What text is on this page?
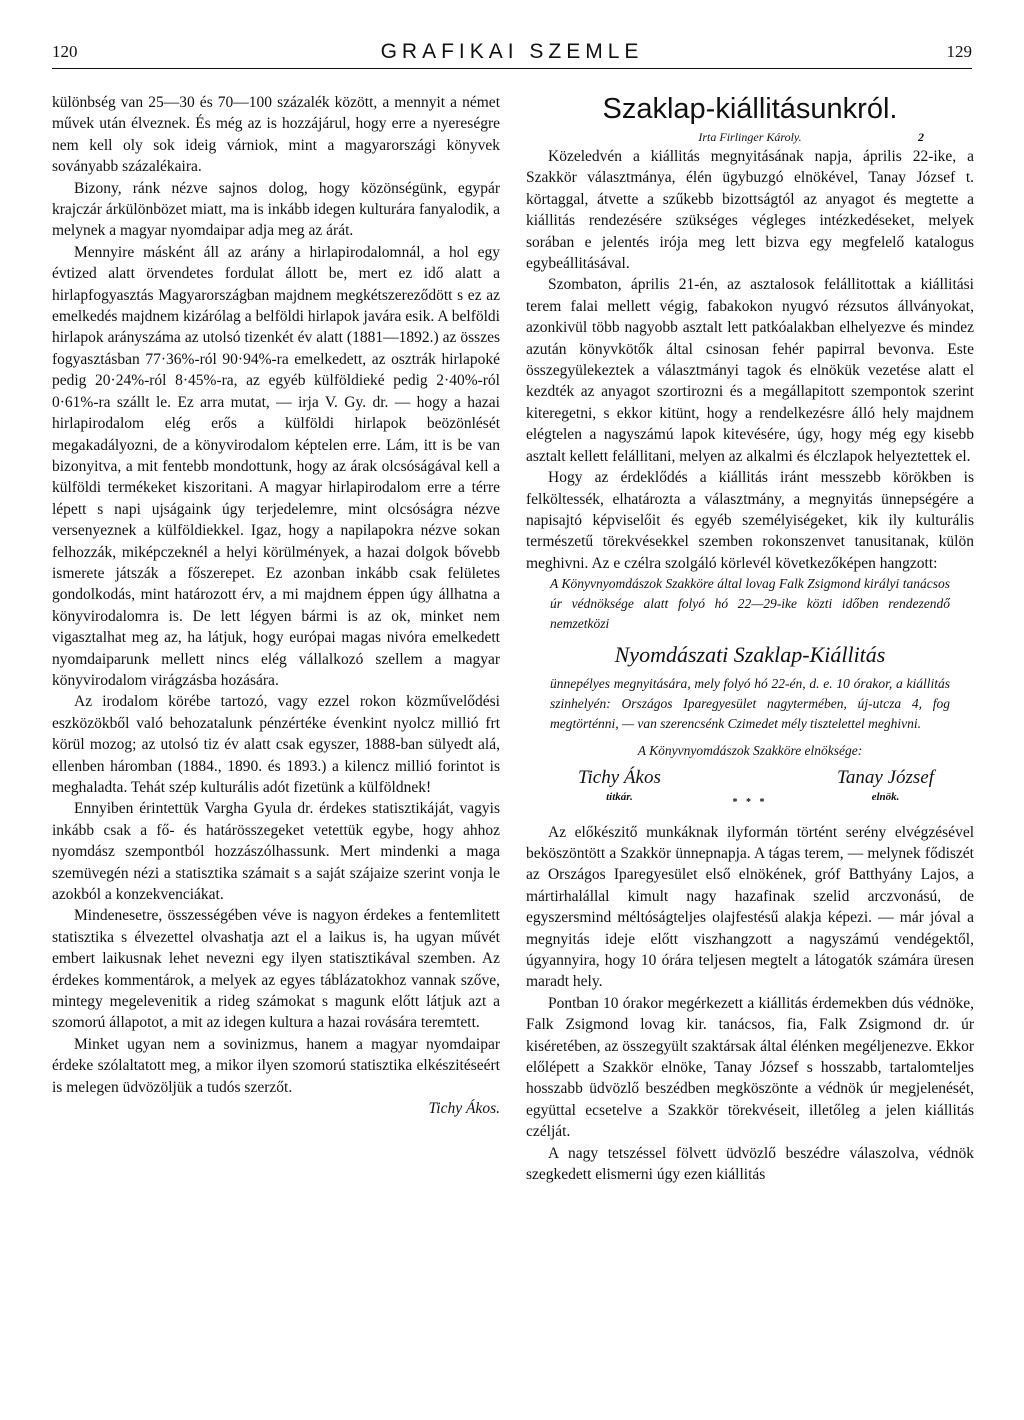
120	GRAFIKAI SZEMLE	129

különbség van 25—30 és 70—100 százalék között, a mennyit a német művek után élveznek. És még az is hozzájárul, hogy erre a nyereségre nem kell oly sok ideig várniok, mint a magyarországi könyvek soványabb százalékaira.

Bizony, ránk nézve sajnos dolog, hogy közönségünk, egypár krajczár árkülönbözet miatt, ma is inkább idegen kulturára fanyalodik, a melynek a magyar nyomdaipar adja meg az árát.

Mennyire másként áll az arány a hirlapirodalomnál, a hol egy évtized alatt örvendetes fordulat állott be, mert ez idő alatt a hirlapfogyasztás Magyarországban majdnem megkétszereződött s ez az emelkedés majdnem kizárólag a belföldi hirlapok javára esik. A belföldi hirlapok arányszáma az utolsó tizenkét év alatt (1881—1892.) az összes fogyasztásban 77·36%-ról 90·94%-ra emelkedett, az osztrák hirlapoké pedig 20·24%-ról 8·45%-ra, az egyéb külföldieké pedig 2·40%-ról 0·61%-ra szállt le. Ez arra mutat, — irja V. Gy. dr. — hogy a hazai hirlapirodalom elég erős a külföldi hirlapok beözönlését megakadályozni, de a könyvirodalom képtelen erre. Lám, itt is be van bizonyitva, a mit fentebb mondottunk, hogy az árak olcsóságával kell a külföldi termékeket kiszoritani. A magyar hirlapirodalom erre a térre lépett s napi ujságaink úgy terjedelemre, mint olcsóságra nézve versenyeznek a külföldiekkel. Igaz, hogy a napilapokra nézve sokan felhozzák, miképczeknél a helyi körülmények, a hazai dolgok bővebb ismerete játszák a főszerepet. Ez azonban inkább csak felületes gondolkodás, mint határozott érv, a mi majdnem éppen úgy állhatna a könyvirodalomra is. De lett légyen bármi is az ok, minket nem vigasztalhat meg az, ha látjuk, hogy európai magas nivóra emelkedett nyomdaiparunk mellett nincs elég vállalkozó szellem a magyar könyvirodalom virágzásba hozására.

Az irodalom körébe tartozó, vagy ezzel rokon közművelődési eszközökből való behozatalunk pénzértéke évenkint nyolcz millió frt körül mozog; az utolsó tiz év alatt csak egyszer, 1888-ban sülyedt alá, ellenben háromban (1884., 1890. és 1893.) a kilencz millió forintot is meghaladta. Tehát szép kulturális adót fizetünk a külföldnek!

Ennyiben érintettük Vargha Gyula dr. érdekes statisztikáját, vagyis inkább csak a fő- és határösszegeket vetettük egybe, hogy ahhoz nyomdász szempontból hozzászólhassunk. Mert mindenki a maga szemüvegén nézi a statisztika számait s a saját szájaize szerint vonja le azokból a konzekvenciákat.

Mindenesetre, összességében véve is nagyon érdekes a fentemlitett statisztika s élvezettel olvashatja azt el a laikus is, ha ugyan művét embert laikusnak lehet nevezni egy ilyen statisztikával szemben. Az érdekes kommentárok, a melyek az egyes táblázatokhoz vannak szőve, mintegy megelevenitik a rideg számokat s magunk előtt látjuk azt a szomorú állapotot, a mit az idegen kultura a hazai rovására teremtett.

Minket ugyan nem a sovinizmus, hanem a magyar nyomdaipar érdeke szólaltatott meg, a mikor ilyen szomorú statisztika elkészitéseért is melegen üdvözöljük a tudós szerzőt.

Tichy Ákos.

Szaklap-kiállitásunkról.
Irta Firlinger Károly.	2

Közeledvén a kiállitás megnyitásának napja, április 22-ike, a Szakkör választmánya, élén ügybuzgó elnökével, Tanay József t. körtaggal, átvette a szűkebb bizottságtól az anyagot és megtette a kiállitás rendezésére szükséges végleges intézkedéseket, melyek sorában e jelentés irója meg lett bizva egy megfelelő katalogus egybeállitásával.

Szombaton, április 21-én, az asztalosok felállitottak a kiállitási terem falai mellett végig, fabakokon nyugvó rézsutos állványokat, azonkivül több nagyobb asztalt lett patkóalakban elhelyezve és mindez azután könyvkötők által csinosan fehér papirral bevonva. Este összegyülekeztek a választmányi tagok és elnökük vezetése alatt el kezdték az anyagot szortirozni és a megállapitott szempontok szerint kiteregetni, s ekkor kitünt, hogy a rendelkezésre álló hely majdnem elégtelen a nagyszámú lapok kitevésére, úgy, hogy még egy kisebb asztalt kellett felállitani, melyen az alkalmi és élczlapok helyeztettek el.

Hogy az érdeklődés a kiállitás iránt messzebb körökben is felköltessék, elhatározta a választmány, a megnyitás ünnepségére a napisajtó képviselőit és egyéb személyiségeket, kik ily kulturális természetű törekvésekkel szemben rokonszenvet tanusitanak, külön meghivni. Az e czélra szolgáló körlevél következőképen hangzott:

A Könyvnyomdászok Szakköre által lovag Falk Zsigmond királyi tanácsos úr védnöksége alatt folyó hó 22—29-ike közti időben rendezendő nemzetközi

Nyomdászati Szaklap-Kiállitás

ünnepélyes megnyitására, mely folyó hó 22-én, d. e. 10 órakor, a kiállitás szinhelyén: Országos Iparegyesület nagytermében, új-utcza 4, fog megtörténni, — van szerencsénk Czimedet mély tisztelettel meghivni.

A Könyvnyomdászok Szakköre elnöksége:
Tichy Ákos
titkár.
Tanay József
elnök.
* * *

Az előkészitő munkáknak ilyformán történt serény elvégzésével beköszöntött a Szakkör ünnepnapja. A tágas terem, — melynek fődiszét az Országos Iparegyesület első elnökének, gróf Batthyány Lajos, a mártirhalállal kimult nagy hazafinak szelid arczvonású, de egyszersmind méltóságteljes olajfestésű alakja képezi. — már jóval a megnyitás ideje előtt viszhangzott a nagyszámú vendégektől, úgyannyira, hogy 10 órára teljesen megtelt a látogatók számára üresen maradt hely.

Pontban 10 órakor megérkezett a kiállitás érdemekben dús védnöke, Falk Zsigmond lovag kir. tanácsos, fia, Falk Zsigmond dr. úr kiséretében, az összegyült szaktársak által élénken megéljenezve. Ekkor előlépett a Szakkör elnöke, Tanay József s hosszabb, tartalomteljes hosszabb üdvözlő beszédben megköszönte a védnök úr megjelenését, együttal ecsetelve a Szakkör törekvéseit, illetőleg a jelen kiállitás czélját.

A nagy tetszéssel fölvett üdvözlő beszédre válaszolva, védnök szegkedett elismerni úgy ezen kiállitás
